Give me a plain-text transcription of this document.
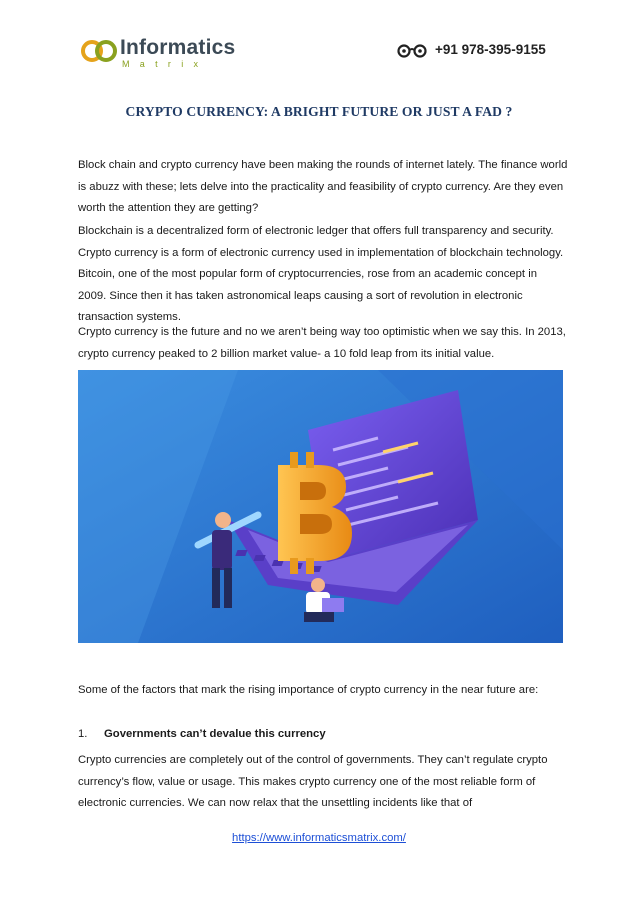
Informatics
Matrix
+91 978-395-9155
CRYPTO CURRENCY: A BRIGHT FUTURE OR JUST A FAD ?
Block chain and crypto currency have been making the rounds of internet lately. The finance world is abuzz with these; lets delve into the practicality and feasibility of crypto currency. Are they even worth the attention they are getting?
Blockchain is a decentralized form of electronic ledger that offers full transparency and security. Crypto currency is a form of electronic currency used in implementation of blockchain technology. Bitcoin, one of the most popular form of cryptocurrencies, rose from an academic concept in 2009. Since then it has taken astronomical leaps causing a sort of revolution in electronic transaction systems.
Crypto currency is the future and no we aren’t being way too optimistic when we say this. In 2013, crypto currency peaked to 2 billion market value- a 10 fold leap from its initial value.
Some of the factors that mark the rising importance of crypto currency in the near future are:
1. Governments can’t devalue this currency
Crypto currencies are completely out of the control of governments. They can’t regulate crypto currency’s flow, value or usage. This makes crypto currency one of the most reliable form of electronic currencies. We can now relax that the unsettling incidents like that of
https://www.informaticsmatrix.com/
